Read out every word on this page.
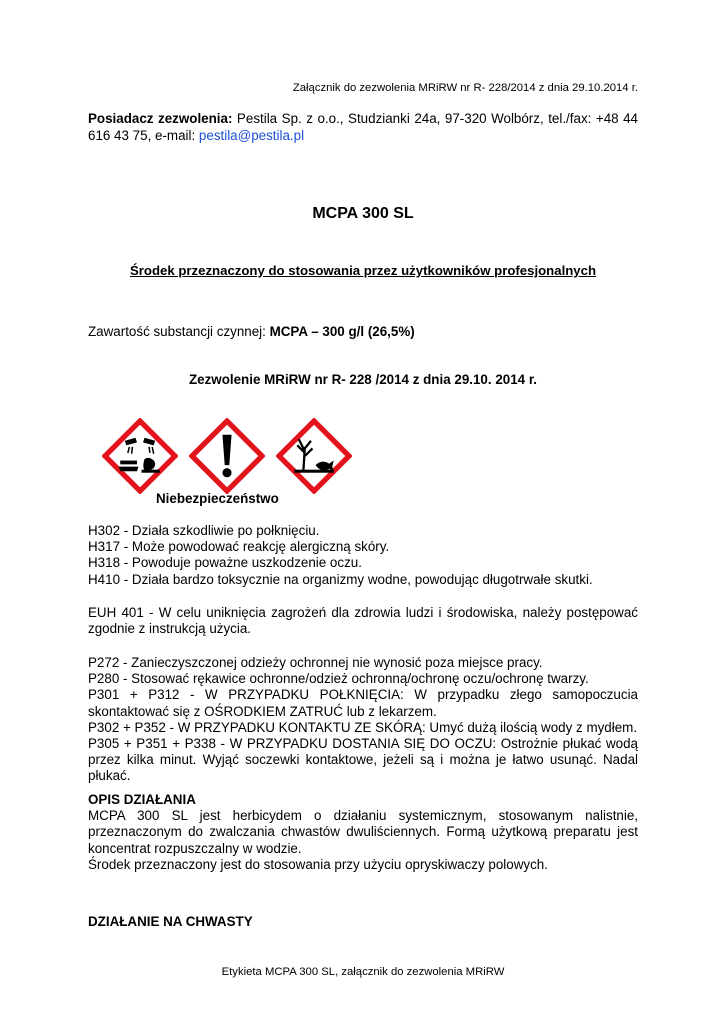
Załącznik do zezwolenia MRiRW nr R- 228/2014 z dnia 29.10.2014 r.
Posiadacz zezwolenia: Pestila Sp. z o.o., Studzianki 24a, 97-320 Wolbórz, tel./fax: +48 44 616 43 75, e-mail: pestila@pestila.pl
MCPA 300 SL
Środek przeznaczony do stosowania przez użytkowników profesjonalnych
Zawartość substancji czynnej: MCPA – 300 g/l (26,5%)
Zezwolenie MRiRW nr R- 228 /2014 z dnia 29.10. 2014 r.
Niebezpieczeństwo

H302 - Działa szkodliwie po połknięciu.

H317 - Może powodować reakcję alergiczną skóry.

H318 - Powoduje poważne uszkodzenie oczu.

H410 - Działa bardzo toksycznie na organizmy wodne, powodując długotrwałe skutki.

EUH 401 - W celu uniknięcia zagrożeń dla zdrowia ludzi i środowiska, należy postępować zgodnie z instrukcją użycia.

P272 - Zanieczyszczonej odzieży ochronnej nie wynosić poza miejsce pracy.

P280 - Stosować rękawice ochronne/odzież ochronną/ochronę oczu/ochronę twarzy.

P301 + P312 - W PRZYPADKU POŁKNIĘCIA: W przypadku złego samopoczucia skontaktować się z OŚRODKIEM ZATRUĆ lub z lekarzem.

P302 + P352 - W PRZYPADKU KONTAKTU ZE SKÓRĄ: Umyć dużą ilością wody z mydłem.

P305 + P351 + P338 - W PRZYPADKU DOSTANIA SIĘ DO OCZU: Ostrożnie płukać wodą przez kilka minut. Wyjąć soczewki kontaktowe, jeżeli są i można je łatwo usunąć. Nadal płukać.

OPIS DZIAŁANIA

MCPA 300 SL jest herbicydem o działaniu systemicznym, stosowanym nalistnie, przeznaczonym do zwalczania chwastów dwuliściennych. Formą użytkową preparatu jest koncentrat rozpuszczalny w wodzie.

Środek przeznaczony jest do stosowania przy użyciu opryskiwaczy polowych.

DZIAŁANIE NA CHWASTY
Etykieta MCPA 300 SL, załącznik do zezwolenia MRiRW
